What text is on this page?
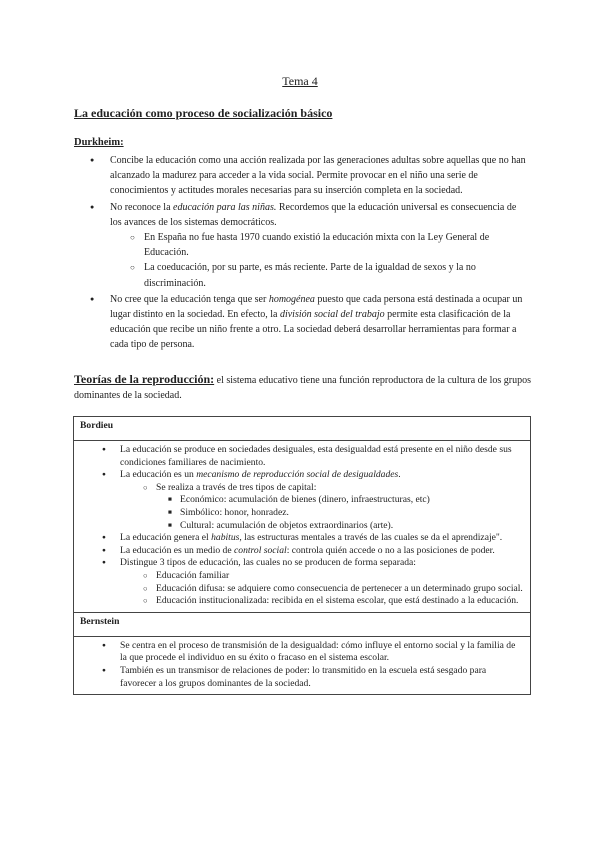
Tema 4
La educación como proceso de socialización básico
Durkheim:
● Concibe la educación como una acción realizada por las generaciones adultas sobre aquellas que no han alcanzado la madurez para acceder a la vida social. Permite provocar en el niño una serie de conocimientos y actitudes morales necesarias para su inserción completa en la sociedad.
● No reconoce la educación para las niñas. Recordemos que la educación universal es consecuencia de los avances de los sistemas democráticos.
○ En España no fue hasta 1970 cuando existió la educación mixta con la Ley General de Educación.
○ La coeducación, por su parte, es más reciente. Parte de la igualdad de sexos y la no discriminación.
● No cree que la educación tenga que ser homogénea puesto que cada persona está destinada a ocupar un lugar distinto en la sociedad. En efecto, la división social del trabajo permite esta clasificación de la educación que recibe un niño frente a otro. La sociedad deberá desarrollar herramientas para formar a cada tipo de persona.
Teorías de la reproducción: el sistema educativo tiene una función reproductora de la cultura de los grupos dominantes de la sociedad.
Bordieu

● La educación se produce en sociedades desiguales, esta desigualdad está presente en el niño desde sus condiciones familiares de nacimiento.
● La educación es un mecanismo de reproducción social de desigualdades.
○ Se realiza a través de tres tipos de capital:
■ Económico: acumulación de bienes (dinero, infraestructuras, etc)
■ Simbólico: honor, honradez.
■ Cultural: acumulación de objetos extraordinarios (arte).
● La educación genera el habitus, las estructuras mentales a través de las cuales se da el aprendizaje".
● La educación es un medio de control social: controla quién accede o no a las posiciones de poder.
● Distingue 3 tipos de educación, las cuales no se producen de forma separada:
○ Educación familiar
○ Educación difusa: se adquiere como consecuencia de pertenecer a un determinado grupo social.
○ Educación institucionalizada: recibida en el sistema escolar, que está destinado a la educación.

Bernstein

● Se centra en el proceso de transmisión de la desigualdad: cómo influye el entorno social y la familia de la que procede el individuo en su éxito o fracaso en el sistema escolar.
● También es un transmisor de relaciones de poder: lo transmitido en la escuela está sesgado para favorecer a los grupos dominantes de la sociedad.
